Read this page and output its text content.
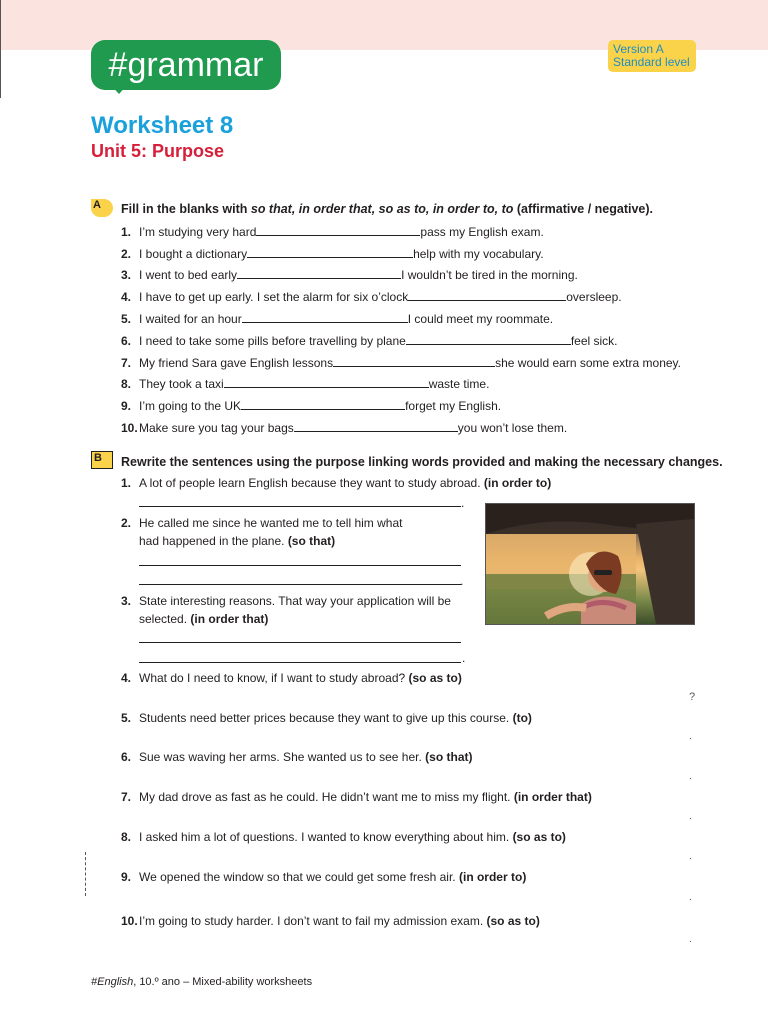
#grammar	Version A
Standard level
Worksheet 8
Unit 5: Purpose
A	Fill in the blanks with so that, in order that, so as to, in order to, to (affirmative / negative).
1. I’m studying very hard	pass my English exam.
2. I bought a dictionary	help with my vocabulary.
3. I went to bed early	I wouldn’t be tired in the morning.
4. I have to get up early. I set the alarm for six o’clock	oversleep.
5. I waited for an hour	I could meet my roommate.
6. I need to take some pills before travelling by plane	feel sick.
7. My friend Sara gave English lessons	she would earn some extra money.
8. They took a taxi	waste time.
9. I’m going to the UK	forget my English.
10.Make sure you tag your bags	you won’t lose them.
B	Rewrite the sentences using the purpose linking words provided and making the necessary changes.
1. A lot of people learn English because they want to study abroad. (in order to)
.
2. He called me since he wanted me to tell him what
had happened in the plane. (so that)
.
3. State interesting reasons. That way your application will be
selected. (in order that)
.
4. What do I need to know, if I want to study abroad? (so as to)
?
5. Students need better prices because they want to give up this course. (to)
.
6. Sue was waving her arms. She wanted us to see her. (so that)
.
7. My dad drove as fast as he could. He didn’t want me to miss my flight. (in order that)
.
8. I asked him a lot of questions. I wanted to know everything about him. (so as to)
.
9. We opened the window so that we could get some fresh air. (in order to)
.
10.I’m going to study harder. I don’t want to fail my admission exam. (so as to)
.
#English, 10.º ano – Mixed-ability worksheets
